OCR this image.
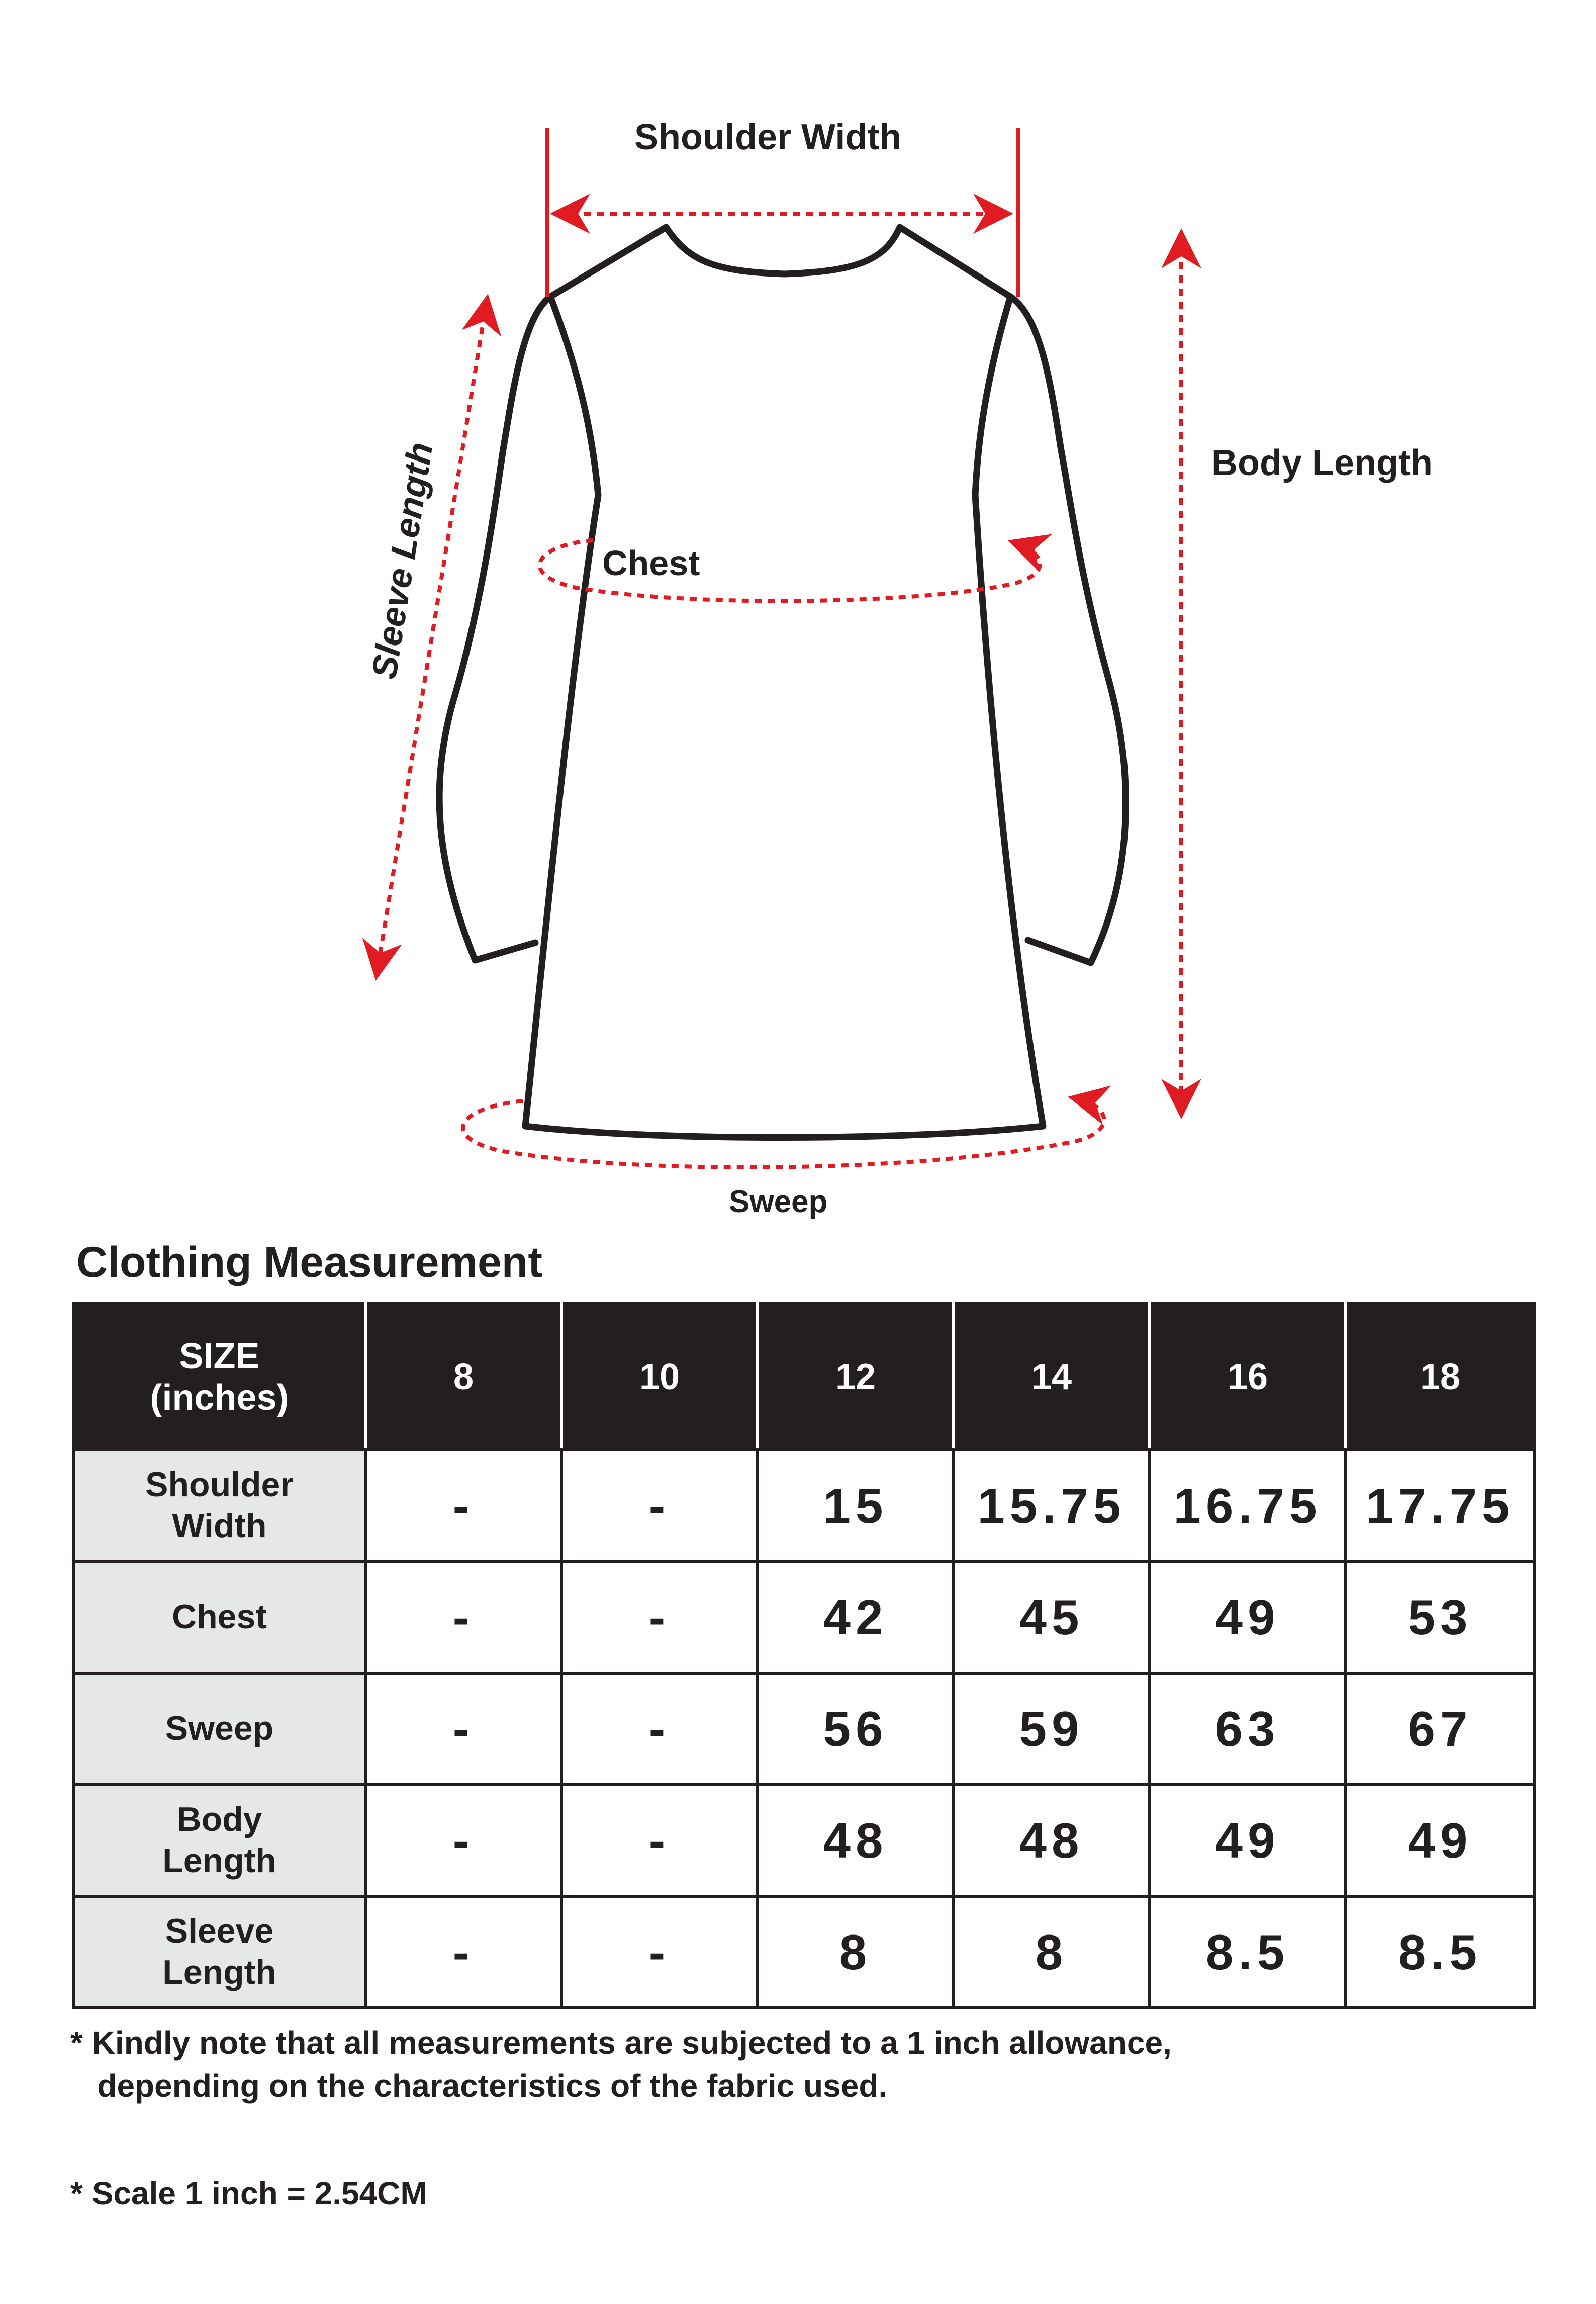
Shoulder Width
Body Length
Chest
Sweep
Sleeve Length
Clothing Measurement
SIZE
(inches)	8	10	12	14	16	18

Shoulder
Width	-	-	15	15.75	16.75	17.75

Chest	-	-	42	45	49	53

Sweep	-	-	56	59	63	67

Body
Length	-	-	48	48	49	49

Sleeve
Length	-	-	8	8	8.5	8.5

* Kindly note that all measurements are subjected to a 1 inch allowance,

depending on the characteristics of the fabric used.

* Scale 1 inch = 2.54CM
